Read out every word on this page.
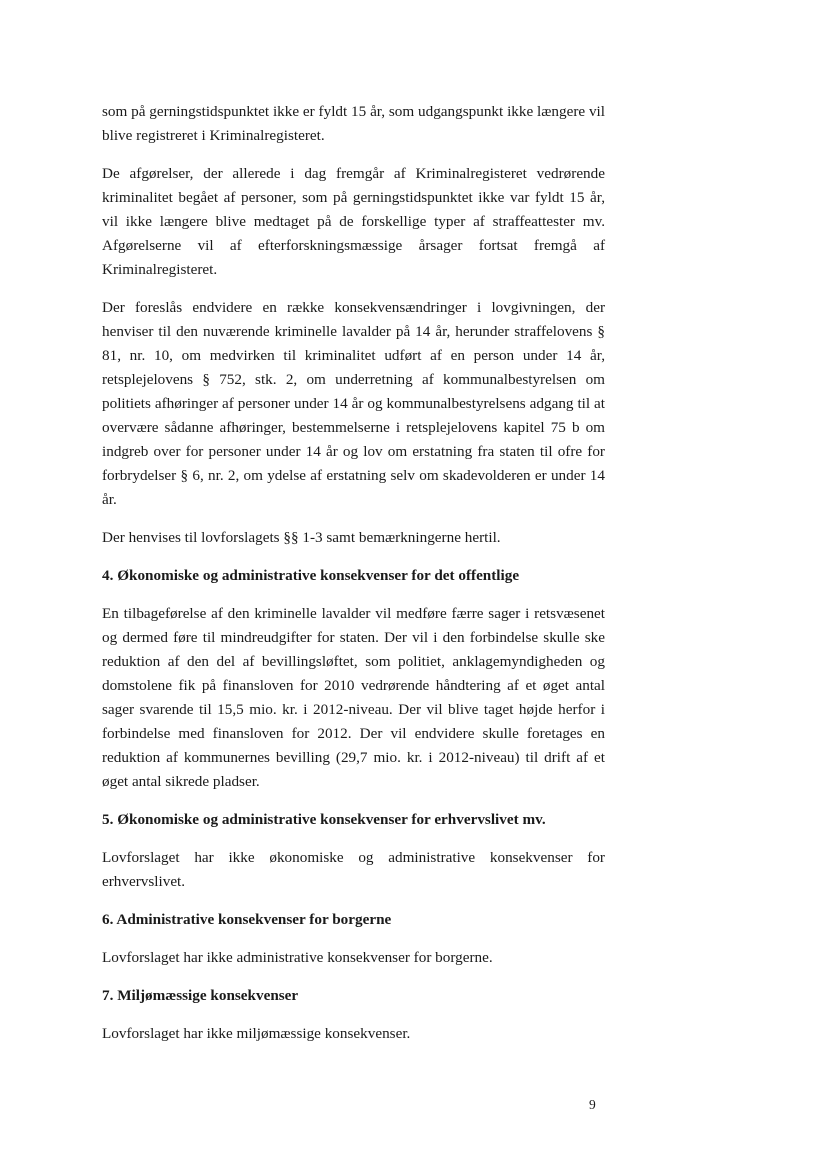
som på gerningstidspunktet ikke er fyldt 15 år, som udgangspunkt ikke længere vil blive registreret i Kriminalregisteret.

De afgørelser, der allerede i dag fremgår af Kriminalregisteret vedrørende kriminalitet begået af personer, som på gerningstidspunktet ikke var fyldt 15 år, vil ikke længere blive medtaget på de forskellige typer af straffeattester mv. Afgørelserne vil af efterforskningsmæssige årsager fortsat fremgå af Kriminalregisteret.

Der foreslås endvidere en række konsekvensændringer i lovgivningen, der henviser til den nuværende kriminelle lavalder på 14 år, herunder straffelovens § 81, nr. 10, om medvirken til kriminalitet udført af en person under 14 år, retsplejelovens § 752, stk. 2, om underretning af kommunalbestyrelsen om politiets afhøringer af personer under 14 år og kommunalbestyrelsens adgang til at overvære sådanne afhøringer, bestemmelserne i retsplejelovens kapitel 75 b om indgreb over for personer under 14 år og lov om erstatning fra staten til ofre for forbrydelser § 6, nr. 2, om ydelse af erstatning selv om skadevolderen er under 14 år.

Der henvises til lovforslagets §§ 1-3 samt bemærkningerne hertil.

4. Økonomiske og administrative konsekvenser for det offentlige

En tilbageførelse af den kriminelle lavalder vil medføre færre sager i retsvæsenet og dermed føre til mindreudgifter for staten. Der vil i den forbindelse skulle ske reduktion af den del af bevillingsløftet, som politiet, anklagemyndigheden og domstolene fik på finansloven for 2010 vedrørende håndtering af et øget antal sager svarende til 15,5 mio. kr. i 2012-niveau. Der vil blive taget højde herfor i forbindelse med finansloven for 2012. Der vil endvidere skulle foretages en reduktion af kommunernes bevilling (29,7 mio. kr. i 2012-niveau) til drift af et øget antal sikrede pladser.

5. Økonomiske og administrative konsekvenser for erhvervslivet mv.

Lovforslaget har ikke økonomiske og administrative konsekvenser for erhvervslivet.

6. Administrative konsekvenser for borgerne

Lovforslaget har ikke administrative konsekvenser for borgerne.

7. Miljømæssige konsekvenser

Lovforslaget har ikke miljømæssige konsekvenser.

9
